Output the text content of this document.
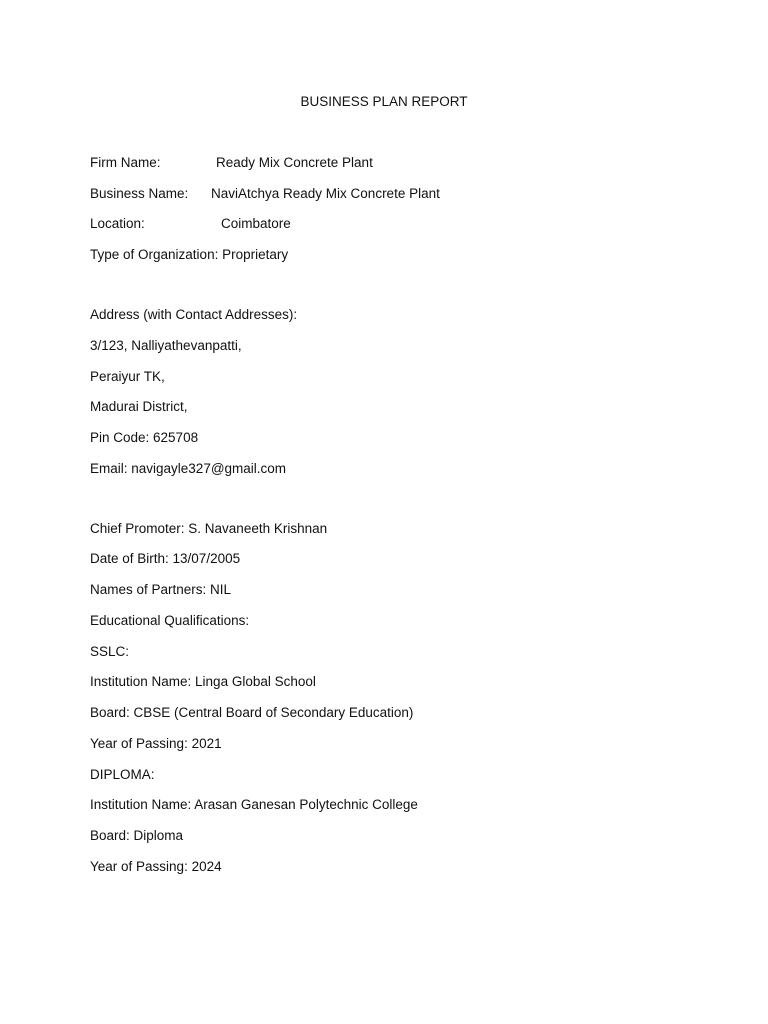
BUSINESS PLAN REPORT
Firm Name:	Ready Mix Concrete Plant
Business Name: NaviAtchya Ready Mix Concrete Plant
Location:	Coimbatore
Type of Organization: Proprietary
Address (with Contact Addresses):
3/123, Nalliyathevanpatti,
Peraiyur TK,
Madurai District,
Pin Code: 625708
Email: navigayle327@gmail.com
Chief Promoter: S. Navaneeth Krishnan
Date of Birth: 13/07/2005
Names of Partners: NIL
Educational Qualifications:
SSLC:
Institution Name: Linga Global School
Board: CBSE (Central Board of Secondary Education)
Year of Passing: 2021
DIPLOMA:
Institution Name: Arasan Ganesan Polytechnic College
Board: Diploma
Year of Passing: 2024
